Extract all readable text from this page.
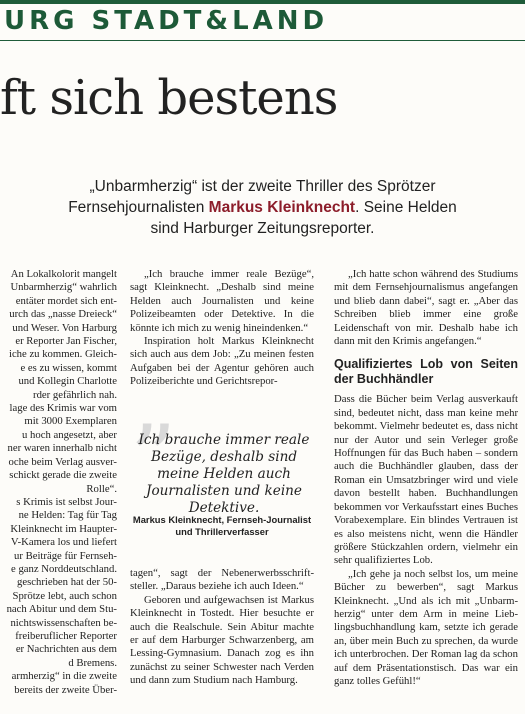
URG STADT&LAND
ft sich bestens
„Unbarmherzig“ ist der zweite Thriller des Sprötzer
Fernsehjournalisten Markus Kleinknecht. Seine Helden
sind Harburger Zeitungsreporter.
An Lokalkolorit mangelt
Unbarmherzig“ wahrlich
entäter mordet sich ent-
urch das „nasse Dreieck“
und Weser. Von Harburg
er Reporter Jan Fischer,
iche zu kommen. Gleich-
e es zu wissen, kommt
und Kollegin Charlotte
rder gefährlich nah.
lage des Krimis war vom
mit 3000 Exemplaren
u hoch angesetzt, aber
ner waren innerhalb nicht
oche beim Verlag ausver-
schickt gerade die zweite
Rolle“.
s Krimis ist selbst Jour-
ne Helden: Tag für Tag
Kleinknecht im Haupter-
V-Kamera los und liefert
ur Beiträge für Fernseh-
e ganz Norddeutschland.
geschrieben hat der 50-
Sprötze lebt, auch schon
nach Abitur und dem Stu-
nichtswissenschaften be-
freiberuflicher Reporter
er Nachrichten aus dem
d Bremens.
armherzig“ in die zweite
bereits der zweite Über-

„Ich brauche immer reale Bezüge“, sagt Kleinknecht. „Deshalb sind meine Helden auch Journalisten und keine Polizeibeamten oder Detektive. In die könnte ich mich zu wenig hineindenken.“

Inspiration holt Markus Kleinknecht sich auch aus dem Job: „Zu meinen festen Aufgaben bei der Agentur gehören auch Polizeiberichte und Gerichtsrepor-

”
Ich brauche immer reale Bezüge, deshalb sind meine Helden auch Journalisten und keine Detektive.
Markus Kleinknecht, Fernseh-Journalist
und Thrillerverfasser

tagen“, sagt der Nebenerwerbsschriftsteller. „Daraus beziehe ich auch Ideen.“

Geboren und aufgewachsen ist Markus Kleinknecht in Tostedt. Hier besuchte er auch die Realschule. Sein Abitur machte er auf dem Harburger Schwarzenberg, am Lessing-Gymnasium. Danach zog es ihn zunächst zu seiner Schwester nach Verden und dann zum Studium nach Hamburg.

„Ich hatte schon während des Studiums mit dem Fernsehjournalismus angefangen und blieb dann dabei“, sagt er. „Aber das Schreiben blieb immer eine große Leidenschaft von mir. Deshalb habe ich dann mit den Krimis angefangen.“

Qualifiziertes Lob von Seiten der Buchhändler

Dass die Bücher beim Verlag ausverkauft sind, bedeutet nicht, dass man keine mehr bekommt. Vielmehr bedeutet es, dass nicht nur der Autor und sein Verleger große Hoffnungen für das Buch haben – sondern auch die Buchhändler glauben, dass der Roman ein Umsatzbringer wird und viele davon bestellt haben. Buchhandlungen bekommen vor Verkaufsstart eines Buches Vorabexemplare. Ein blindes Vertrauen ist es also meistens nicht, wenn die Händler größere Stückzahlen ordern, vielmehr ein sehr qualifiziertes Lob.

„Ich gehe ja noch selbst los, um meine Bücher zu bewerben“, sagt Markus Kleinknecht. „Und als ich mit „Unbarmherzig“ unter dem Arm in meine Lieblingsbuchhandlung kam, setzte ich gerade an, über mein Buch zu sprechen, da wurde ich unterbrochen. Der Roman lag da schon auf dem Präsentationstisch. Das war ein ganz tolles Gefühl!“
